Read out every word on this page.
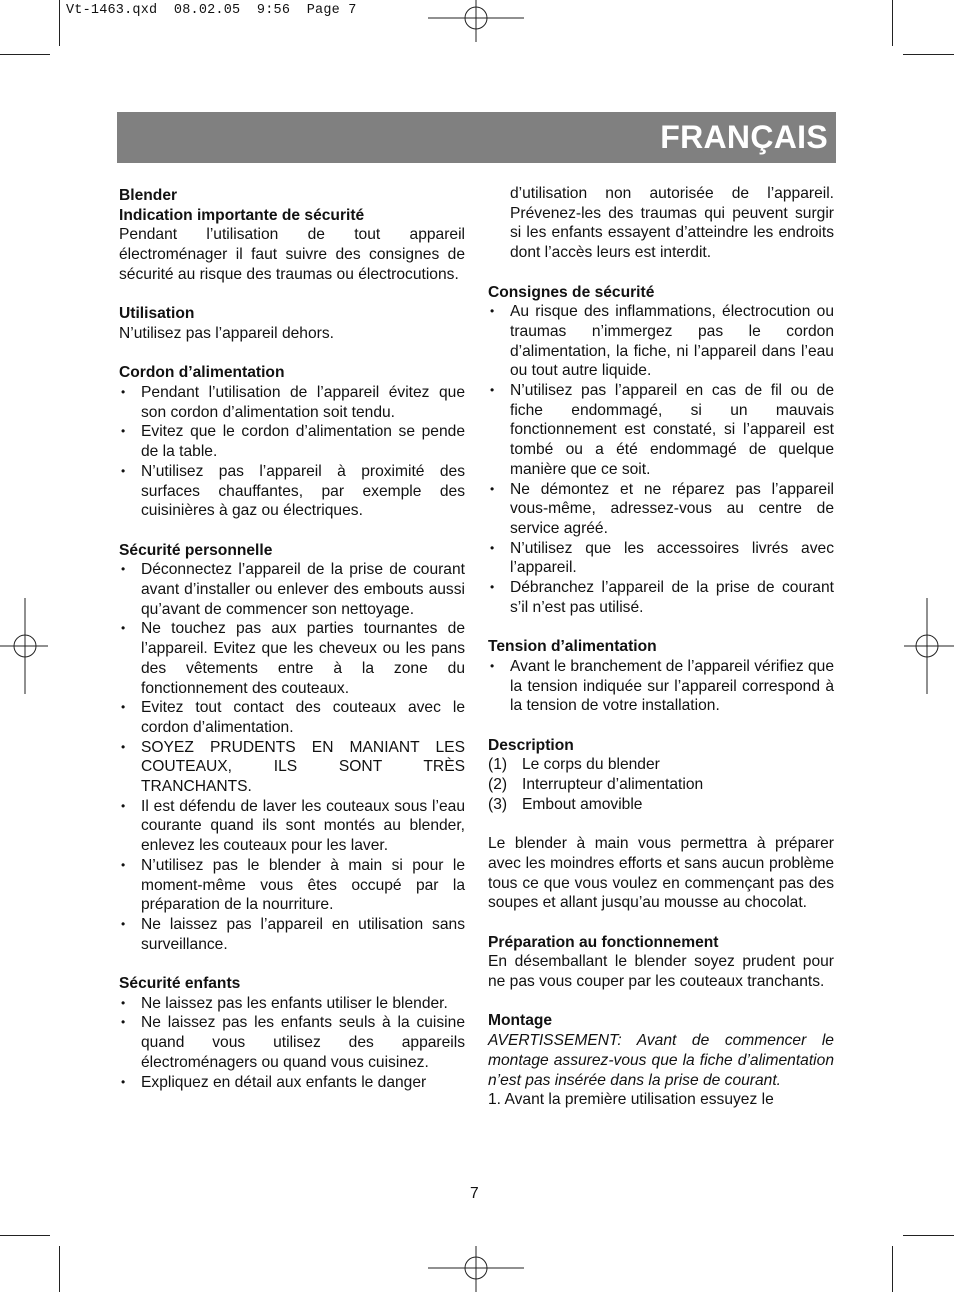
Vt-1463.qxd  08.02.05  9:56  Page 7
FRANÇAIS

Blender

Indication importante de sécurité

Pendant l’utilisation de tout appareil électroménager il faut suivre des consignes de sécurité au risque des traumas ou électrocutions.

Utilisation

N’utilisez pas l’appareil dehors.

Cordon d’alimentation

• Pendant l’utilisation de l’appareil évitez que son cordon d’alimentation soit tendu.
• Evitez que le cordon d’alimentation se pende de la table.
• N’utilisez pas l’appareil à proximité des surfaces chauffantes, par exemple des cuisinières à gaz ou électriques.

Sécurité personnelle

• Déconnectez l’appareil de la prise de courant avant d’installer ou enlever des embouts aussi qu’avant de commencer son nettoyage.
• Ne touchez pas aux parties tournantes de l’appareil. Evitez que les cheveux ou les pans des vêtements entre à la zone du fonctionnement des couteaux.
• Evitez tout contact des couteaux avec le cordon d’alimentation.
• SOYEZ PRUDENTS EN MANIANT LES COUTEAUX, ILS SONT TRÈS TRANCHANTS.
• Il est défendu de laver les couteaux sous l’eau courante quand ils sont montés au blender, enlevez les couteaux pour les laver.
• N’utilisez pas le blender à main si pour le moment-même vous êtes occupé par la préparation de la nourriture.
• Ne laissez pas l’appareil en utilisation sans surveillance.

Sécurité enfants

• Ne laissez pas les enfants utiliser le blender.
• Ne laissez pas les enfants seuls à la cuisine quand vous utilisez des appareils électroménagers ou quand vous cuisinez.
• Expliquez en détail aux enfants le danger

d’utilisation non autorisée de l’appareil. Prévenez-les des traumas qui peuvent surgir si les enfants essayent d’atteindre les endroits dont l’accès leurs est interdit.

Consignes de sécurité

• Au risque des inflammations, électrocution ou traumas n’immergez pas le cordon d’alimentation, la fiche, ni l’appareil dans l’eau ou tout autre liquide.
• N’utilisez pas l’appareil en cas de fil ou de fiche endommagé, si un mauvais fonctionnement est constaté, si l’appareil est tombé ou a été endommagé de quelque manière que ce soit.
• Ne démontez et ne réparez pas l’appareil vous-même, adressez-vous au centre de service agréé.
• N’utilisez que les accessoires livrés avec l’appareil.
• Débranchez l’appareil de la prise de courant s’il n’est pas utilisé.

Tension d’alimentation

• Avant le branchement de l’appareil vérifiez que la tension indiquée sur l’appareil correspond à la tension de votre installation.

Description

(1) Le corps du blender
(2) Interrupteur d’alimentation
(3) Embout amovible

Le blender à main vous permettra à préparer avec les moindres efforts et sans aucun problème tous ce que vous voulez en commençant pas des soupes et allant jusqu’au mousse au chocolat.

Préparation au fonctionnement

En désemballant le blender soyez prudent pour ne pas vous couper par les couteaux tranchants.

Montage

AVERTISSEMENT: Avant de commencer le montage assurez-vous que la fiche d’alimentation n’est pas insérée dans la prise de courant.

1. Avant la première utilisation essuyez le

7
